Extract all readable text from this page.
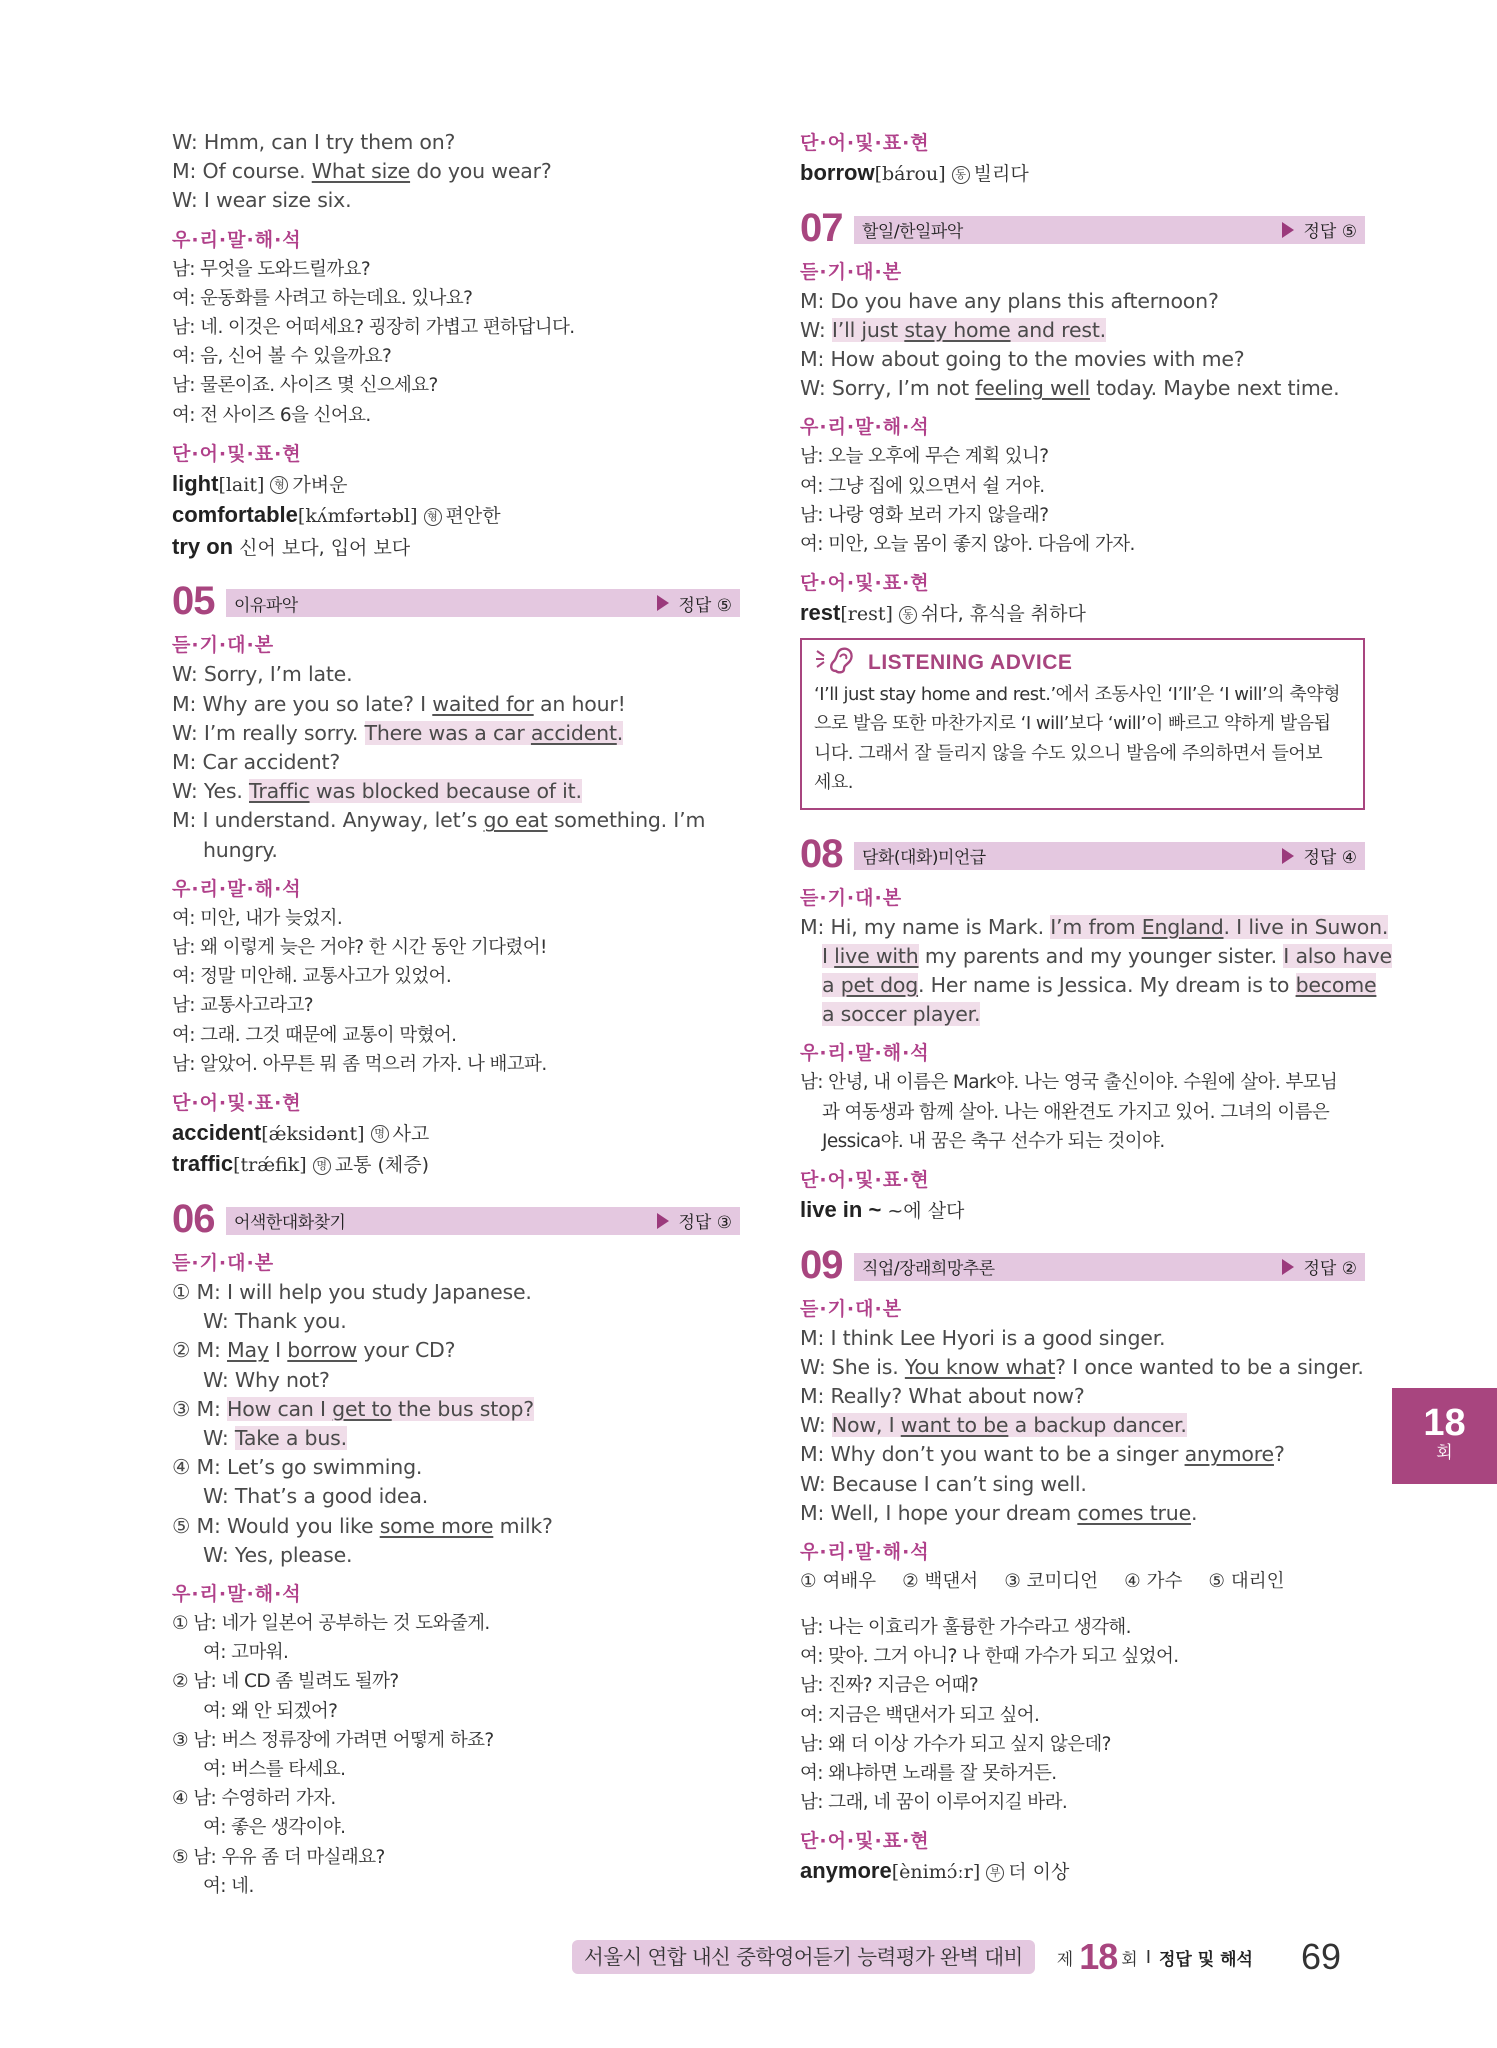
W: Hmm, can I try them on?
M: Of course. What size do you wear?
W: I wear size six.
우·리·말·해·석
남: 무엇을 도와드릴까요?
여: 운동화를 사려고 하는데요. 있나요?
남: 네. 이것은 어떠세요? 굉장히 가볍고 편하답니다.
여: 음, 신어 볼 수 있을까요?
남: 물론이죠. 사이즈 몇 신으세요?
여: 전 사이즈 6을 신어요.
단·어·및·표·현
light[lait] 형 가벼운
comfortable[kʌ́mfərtəbl] 형 편안한
try on 신어 보다, 입어 보다
05	이유파악	정답 ⑤
듣·기·대·본
W: Sorry, I’m late.
M: Why are you so late? I waited for an hour!
W: I’m really sorry. There was a car accident.
M: Car accident?
W: Yes. Traffic was blocked because of it.
M: I understand. Anyway, let’s go eat something. I’m
hungry.
우·리·말·해·석
여: 미안, 내가 늦었지.
남: 왜 이렇게 늦은 거야? 한 시간 동안 기다렸어!
여: 정말 미안해. 교통사고가 있었어.
남: 교통사고라고?
여: 그래. 그것 때문에 교통이 막혔어.
남: 알았어. 아무튼 뭐 좀 먹으러 가자. 나 배고파.
단·어·및·표·현
accident[ǽksidənt] 명 사고
traffic[trǽfik] 명 교통 (체증)
06	어색한대화찾기	정답 ③
듣·기·대·본
① M: I will help you study Japanese.
W: Thank you.
② M: May I borrow your CD?
W: Why not?
③ M: How can I get to the bus stop?
W: Take a bus.
④ M: Let’s go swimming.
W: That’s a good idea.
⑤ M: Would you like some more milk?
W: Yes, please.
우·리·말·해·석
① 남: 네가 일본어 공부하는 것 도와줄게.
여: 고마워.
② 남: 네 CD 좀 빌려도 될까?
여: 왜 안 되겠어?
③ 남: 버스 정류장에 가려면 어떻게 하죠?
여: 버스를 타세요.
④ 남: 수영하러 가자.
여: 좋은 생각이야.
⑤ 남: 우유 좀 더 마실래요?
여: 네.
단·어·및·표·현
borrow[bárou] 동 빌리다
07	할일/한일파악	정답 ⑤
듣·기·대·본
M: Do you have any plans this afternoon?
W: I’ll just stay home and rest.
M: How about going to the movies with me?
W: Sorry, I’m not feeling well today. Maybe next time.
우·리·말·해·석
남: 오늘 오후에 무슨 계획 있니?
여: 그냥 집에 있으면서 쉴 거야.
남: 나랑 영화 보러 가지 않을래?
여: 미안, 오늘 몸이 좋지 않아. 다음에 가자.
단·어·및·표·현
rest[rest] 동 쉬다, 휴식을 취하다
LISTENING ADVICE
‘I’ll just stay home and rest.’에서 조동사인 ‘I’ll’은 ‘I will’의 축약형
으로 발음 또한 마찬가지로 ‘I will’보다 ‘will’이 빠르고 약하게 발음됩
니다. 그래서 잘 들리지 않을 수도 있으니 발음에 주의하면서 들어보
세요.
08	담화(대화)미언급	정답 ④
듣·기·대·본
M: Hi, my name is Mark. I’m from England. I live in Suwon.
I live with my parents and my younger sister. I also have
a pet dog. Her name is Jessica. My dream is to become
a soccer player.
우·리·말·해·석
남: 안녕, 내 이름은 Mark야. 나는 영국 출신이야. 수원에 살아. 부모님
과 여동생과 함께 살아. 나는 애완견도 가지고 있어. 그녀의 이름은
Jessica야. 내 꿈은 축구 선수가 되는 것이야.
단·어·및·표·현
live in ~ ~에 살다
09	직업/장래희망추론	정답 ②
듣·기·대·본
M: I think Lee Hyori is a good singer.
W: She is. You know what? I once wanted to be a singer.
M: Really? What about now?
W: Now, I want to be a backup dancer.
M: Why don’t you want to be a singer anymore?
W: Because I can’t sing well.
M: Well, I hope your dream comes true.
우·리·말·해·석
① 여배우 ② 백댄서 ③ 코미디언 ④ 가수 ⑤ 대리인
남: 나는 이효리가 훌륭한 가수라고 생각해.
여: 맞아. 그거 아니? 나 한때 가수가 되고 싶었어.
남: 진짜? 지금은 어때?
여: 지금은 백댄서가 되고 싶어.
남: 왜 더 이상 가수가 되고 싶지 않은데?
여: 왜냐하면 노래를 잘 못하거든.
남: 그래, 네 꿈이 이루어지길 바라.
단·어·및·표·현
anymore[ènimɔ́ːr] 부 더 이상
18
회
서울시 연합 내신 중학영어듣기 능력평가 완벽 대비	제 18 회 I 정답 및 해석 69
